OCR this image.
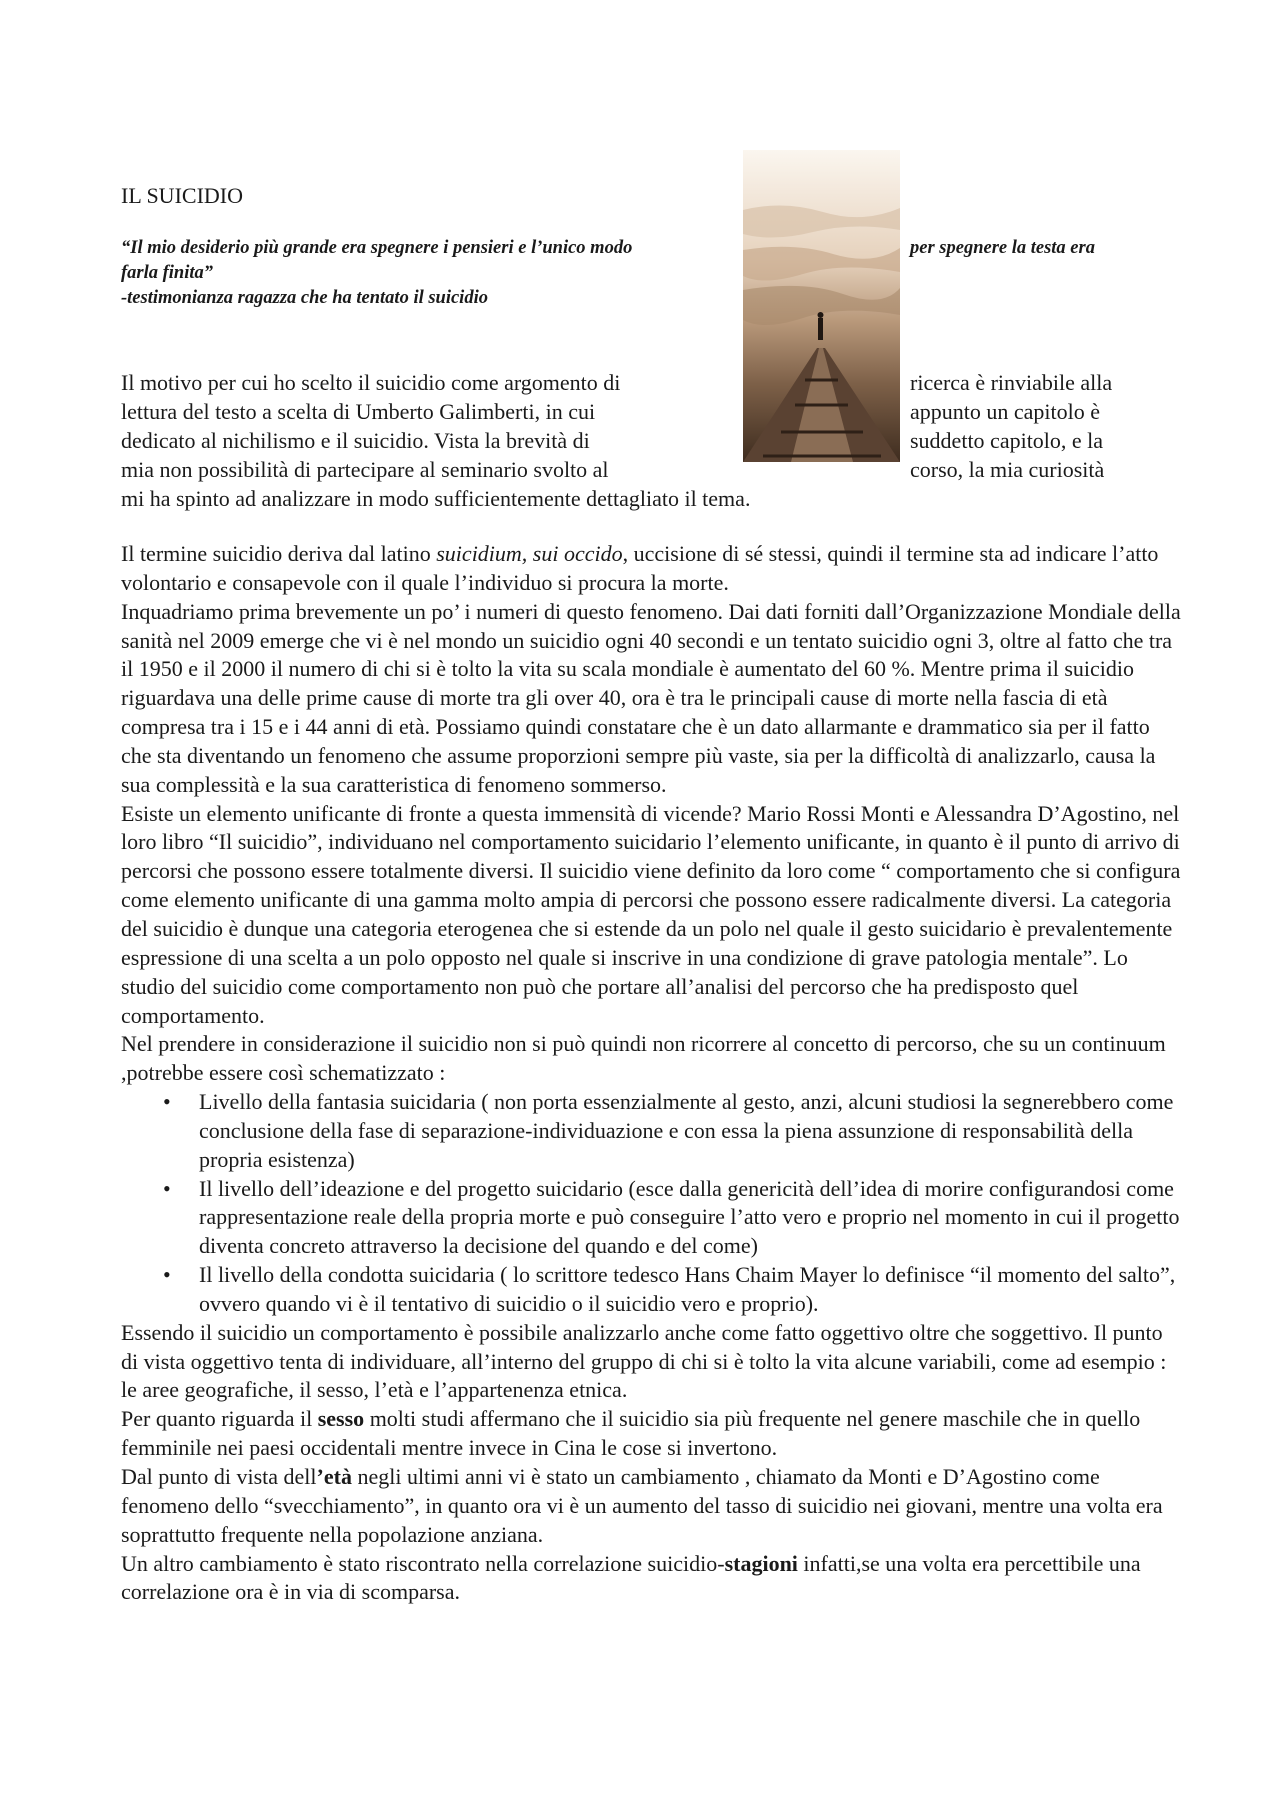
IL SUICIDIO
“Il mio desiderio più grande era spegnere i pensieri e l’unico modo
farla finita”
-testimonianza ragazza che ha tentato il suicidio
per spegnere la testa era
Il motivo per cui ho scelto il suicidio come argomento di
lettura del testo a scelta di Umberto Galimberti, in cui
dedicato al nichilismo e il suicidio. Vista la brevità di
mia non possibilità di partecipare al seminario svolto al
ricerca è rinviabile alla
appunto un capitolo è
suddetto capitolo, e la
corso, la mia curiosità
mi ha spinto ad analizzare in modo sufficientemente dettagliato il tema.

Il termine suicidio deriva dal latino suicidium, sui occido, uccisione di sé stessi, quindi il termine sta ad indicare l’atto volontario e consapevole con il quale l’individuo si procura la morte.

Inquadriamo prima brevemente un po’ i numeri di questo fenomeno. Dai dati forniti dall’Organizzazione Mondiale della sanità nel 2009 emerge che vi è nel mondo un suicidio ogni 40 secondi e un tentato suicidio ogni 3, oltre al fatto che tra il 1950 e il 2000 il numero di chi si è tolto la vita su scala mondiale è aumentato del 60 %. Mentre prima il suicidio riguardava una delle prime cause di morte tra gli over 40, ora è tra le principali cause di morte nella fascia di età compresa tra i 15 e i 44 anni di età. Possiamo quindi constatare che è un dato allarmante e drammatico sia per il fatto che sta diventando un fenomeno che assume proporzioni sempre più vaste, sia per la difficoltà di analizzarlo, causa la sua complessità e la sua caratteristica di fenomeno sommerso.

Esiste un elemento unificante di fronte a questa immensità di vicende? Mario Rossi Monti e Alessandra D’Agostino, nel loro libro “Il suicidio”, individuano nel comportamento suicidario l’elemento unificante, in quanto è il punto di arrivo di percorsi che possono essere totalmente diversi. Il suicidio viene definito da loro come “ comportamento che si configura come elemento unificante di una gamma molto ampia di percorsi che possono essere radicalmente diversi. La categoria del suicidio è dunque una categoria eterogenea che si estende da un polo nel quale il gesto suicidario è prevalentemente espressione di una scelta a un polo opposto nel quale si inscrive in una condizione di grave patologia mentale”. Lo studio del suicidio come comportamento non può che portare all’analisi del percorso che ha predisposto quel comportamento.

Nel prendere in considerazione il suicidio non si può quindi non ricorrere al concetto di percorso, che su un continuum ,potrebbe essere così schematizzato :

• Livello della fantasia suicidaria ( non porta essenzialmente al gesto, anzi, alcuni studiosi la segnerebbero come conclusione della fase di separazione-individuazione e con essa la piena assunzione di responsabilità della propria esistenza)
• Il livello dell’ideazione e del progetto suicidario (esce dalla genericità dell’idea di morire configurandosi come rappresentazione reale della propria morte e può conseguire l’atto vero e proprio nel momento in cui il progetto diventa concreto attraverso la decisione del quando e del come)
• Il livello della condotta suicidaria ( lo scrittore tedesco Hans Chaim Mayer lo definisce “il momento del salto”, ovvero quando vi è il tentativo di suicidio o il suicidio vero e proprio).

Essendo il suicidio un comportamento è possibile analizzarlo anche come fatto oggettivo oltre che soggettivo. Il punto di vista oggettivo tenta di individuare, all’interno del gruppo di chi si è tolto la vita alcune variabili, come ad esempio : le aree geografiche, il sesso, l’età e l’appartenenza etnica.

Per quanto riguarda il sesso molti studi affermano che il suicidio sia più frequente nel genere maschile che in quello femminile nei paesi occidentali mentre invece in Cina le cose si invertono.

Dal punto di vista dell’età negli ultimi anni vi è stato un cambiamento , chiamato da Monti e D’Agostino come fenomeno dello “svecchiamento”, in quanto ora vi è un aumento del tasso di suicidio nei giovani, mentre una volta era soprattutto frequente nella popolazione anziana.

Un altro cambiamento è stato riscontrato nella correlazione suicidio-stagioni infatti,se una volta era percettibile una correlazione ora è in via di scomparsa.
